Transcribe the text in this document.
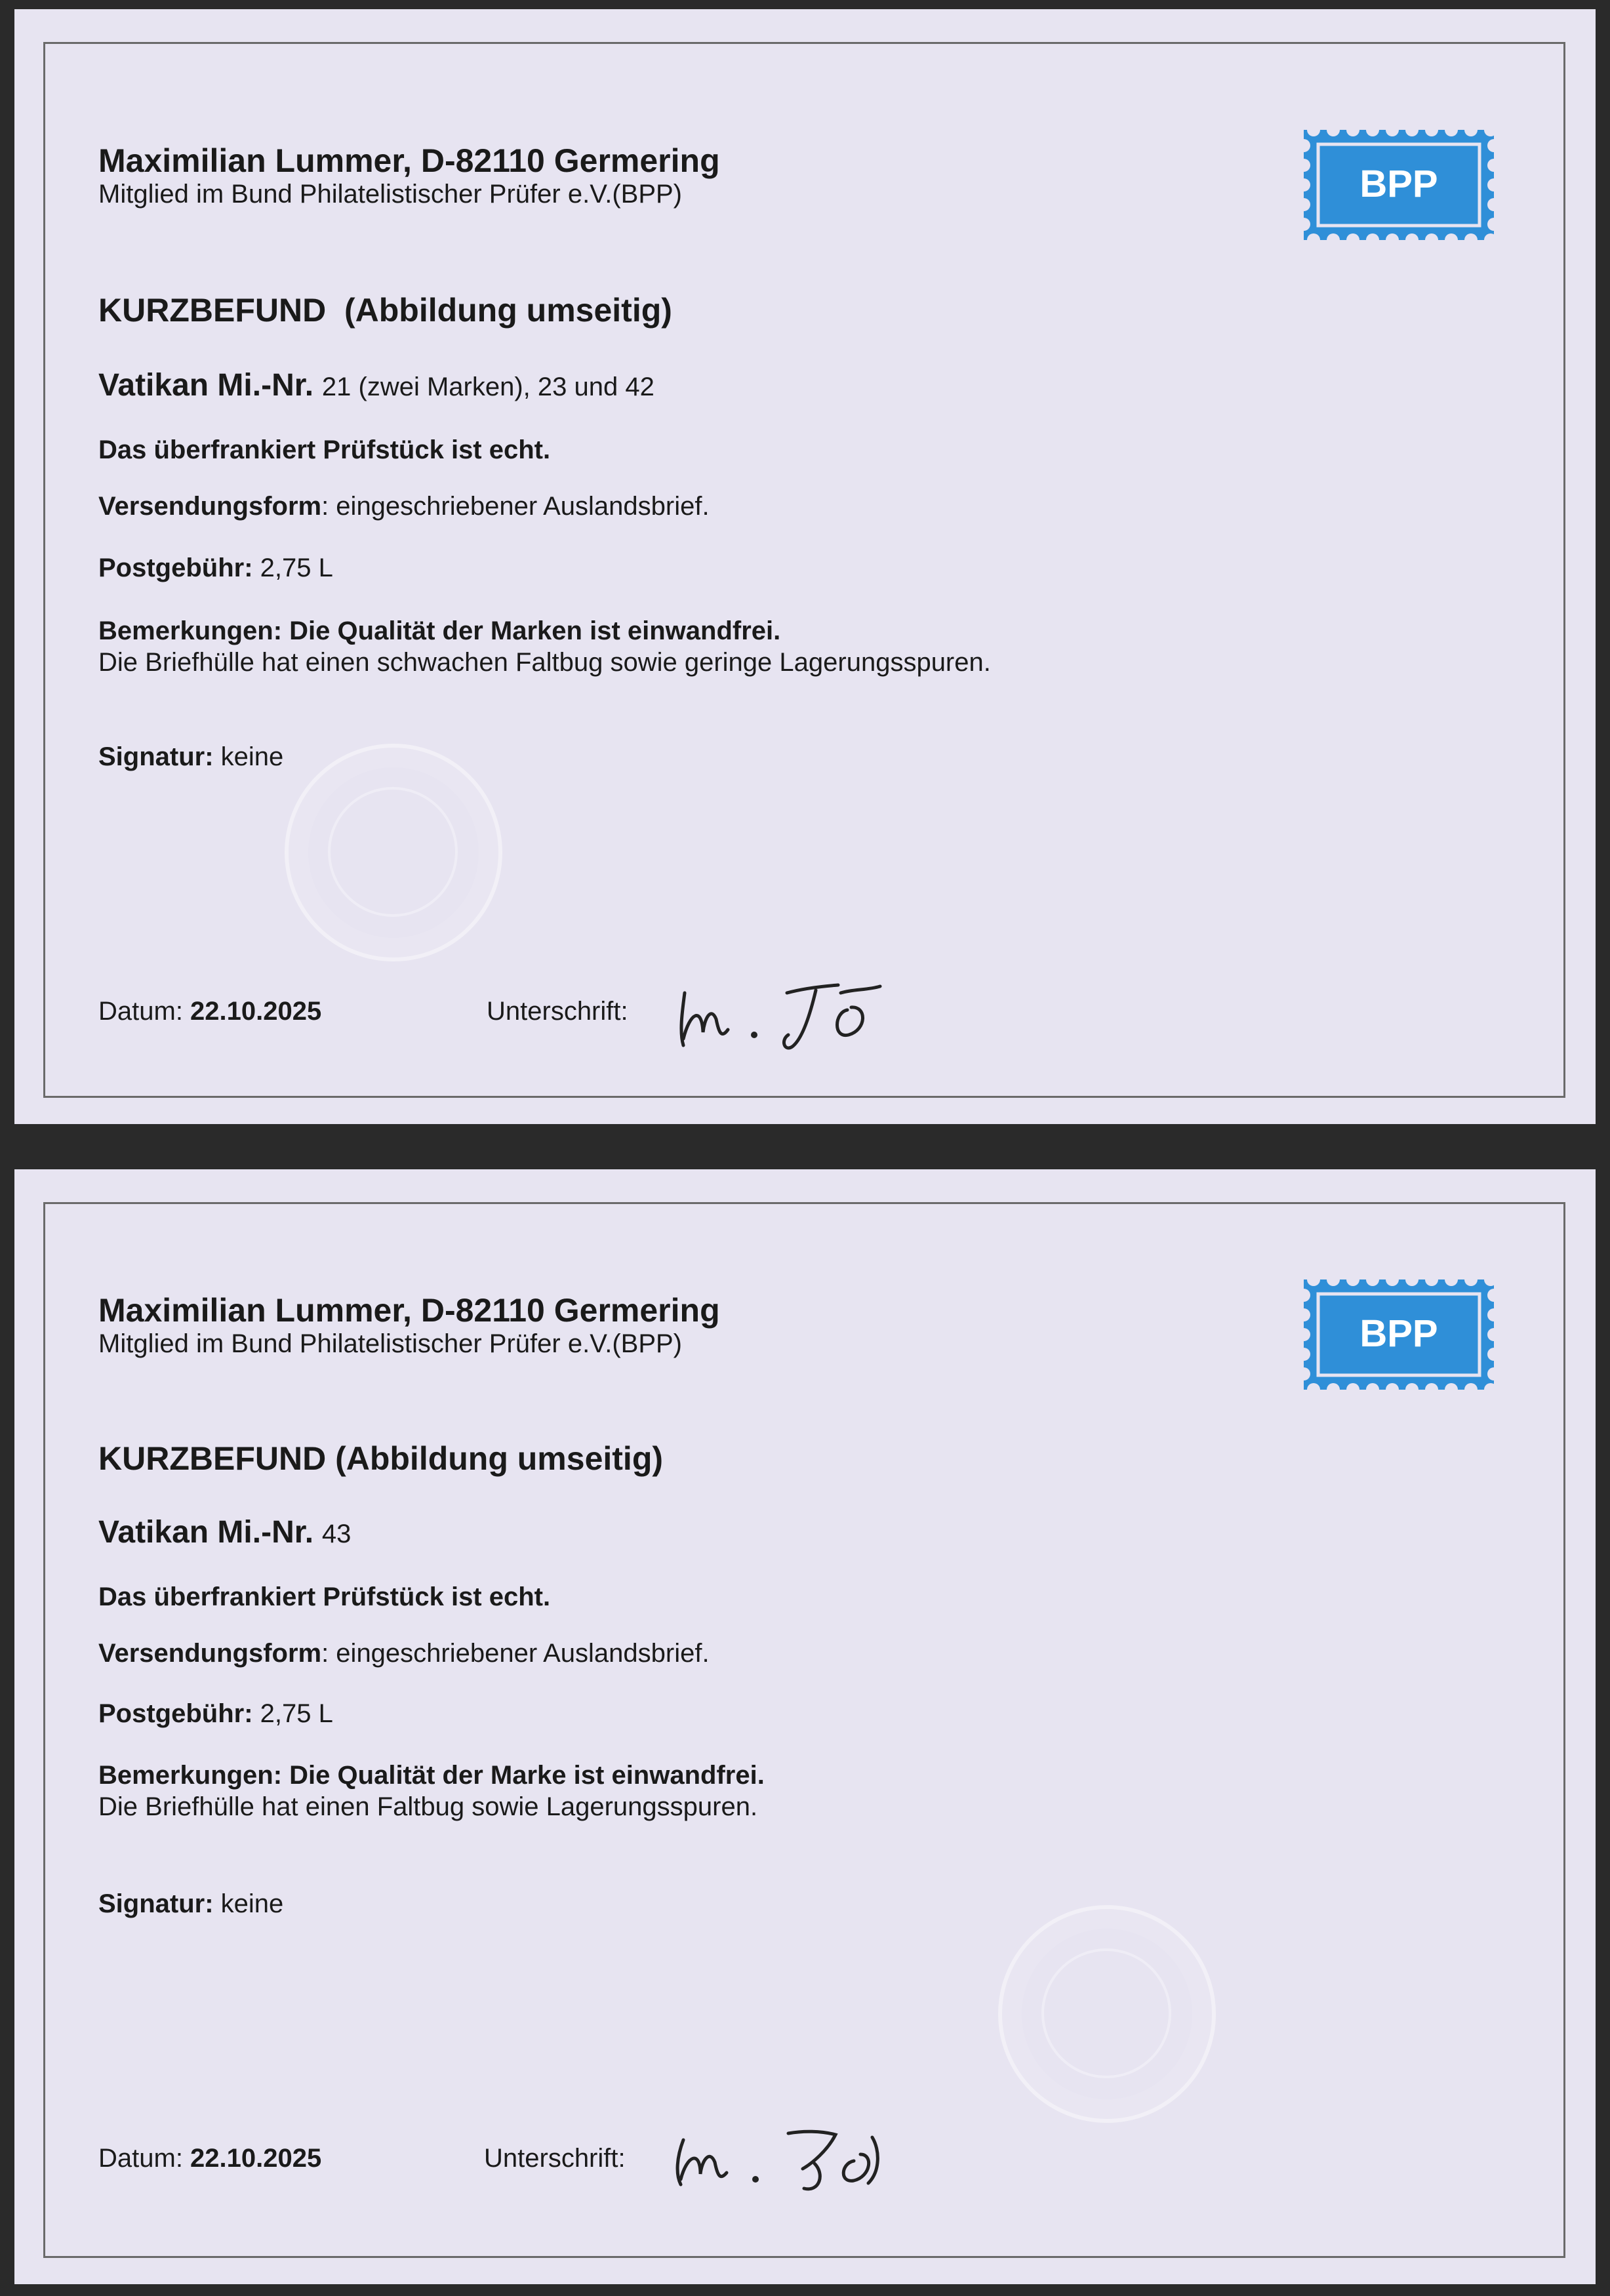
Maximilian Lummer, D-82110 Germering
Mitglied im Bund Philatelistischer Prüfer e.V.(BPP)	BPP
KURZBEFUND  (Abbildung umseitig)
Vatikan Mi.-Nr. 21 (zwei Marken), 23 und 42
Das überfrankiert Prüfstück ist echt.
Versendungsform: eingeschriebener Auslandsbrief.
Postgebühr: 2,75 L
Bemerkungen: Die Qualität der Marken ist einwandfrei.
Die Briefhülle hat einen schwachen Faltbug sowie geringe Lagerungsspuren.
Signatur: keine
Datum: 22.10.2025	Unterschrift:
Maximilian Lummer, D-82110 Germering
Mitglied im Bund Philatelistischer Prüfer e.V.(BPP)	BPP
KURZBEFUND (Abbildung umseitig)
Vatikan Mi.-Nr. 43
Das überfrankiert Prüfstück ist echt.
Versendungsform: eingeschriebener Auslandsbrief.
Postgebühr: 2,75 L
Bemerkungen: Die Qualität der Marke ist einwandfrei.
Die Briefhülle hat einen Faltbug sowie Lagerungsspuren.
Signatur: keine
Datum: 22.10.2025	Unterschrift:
